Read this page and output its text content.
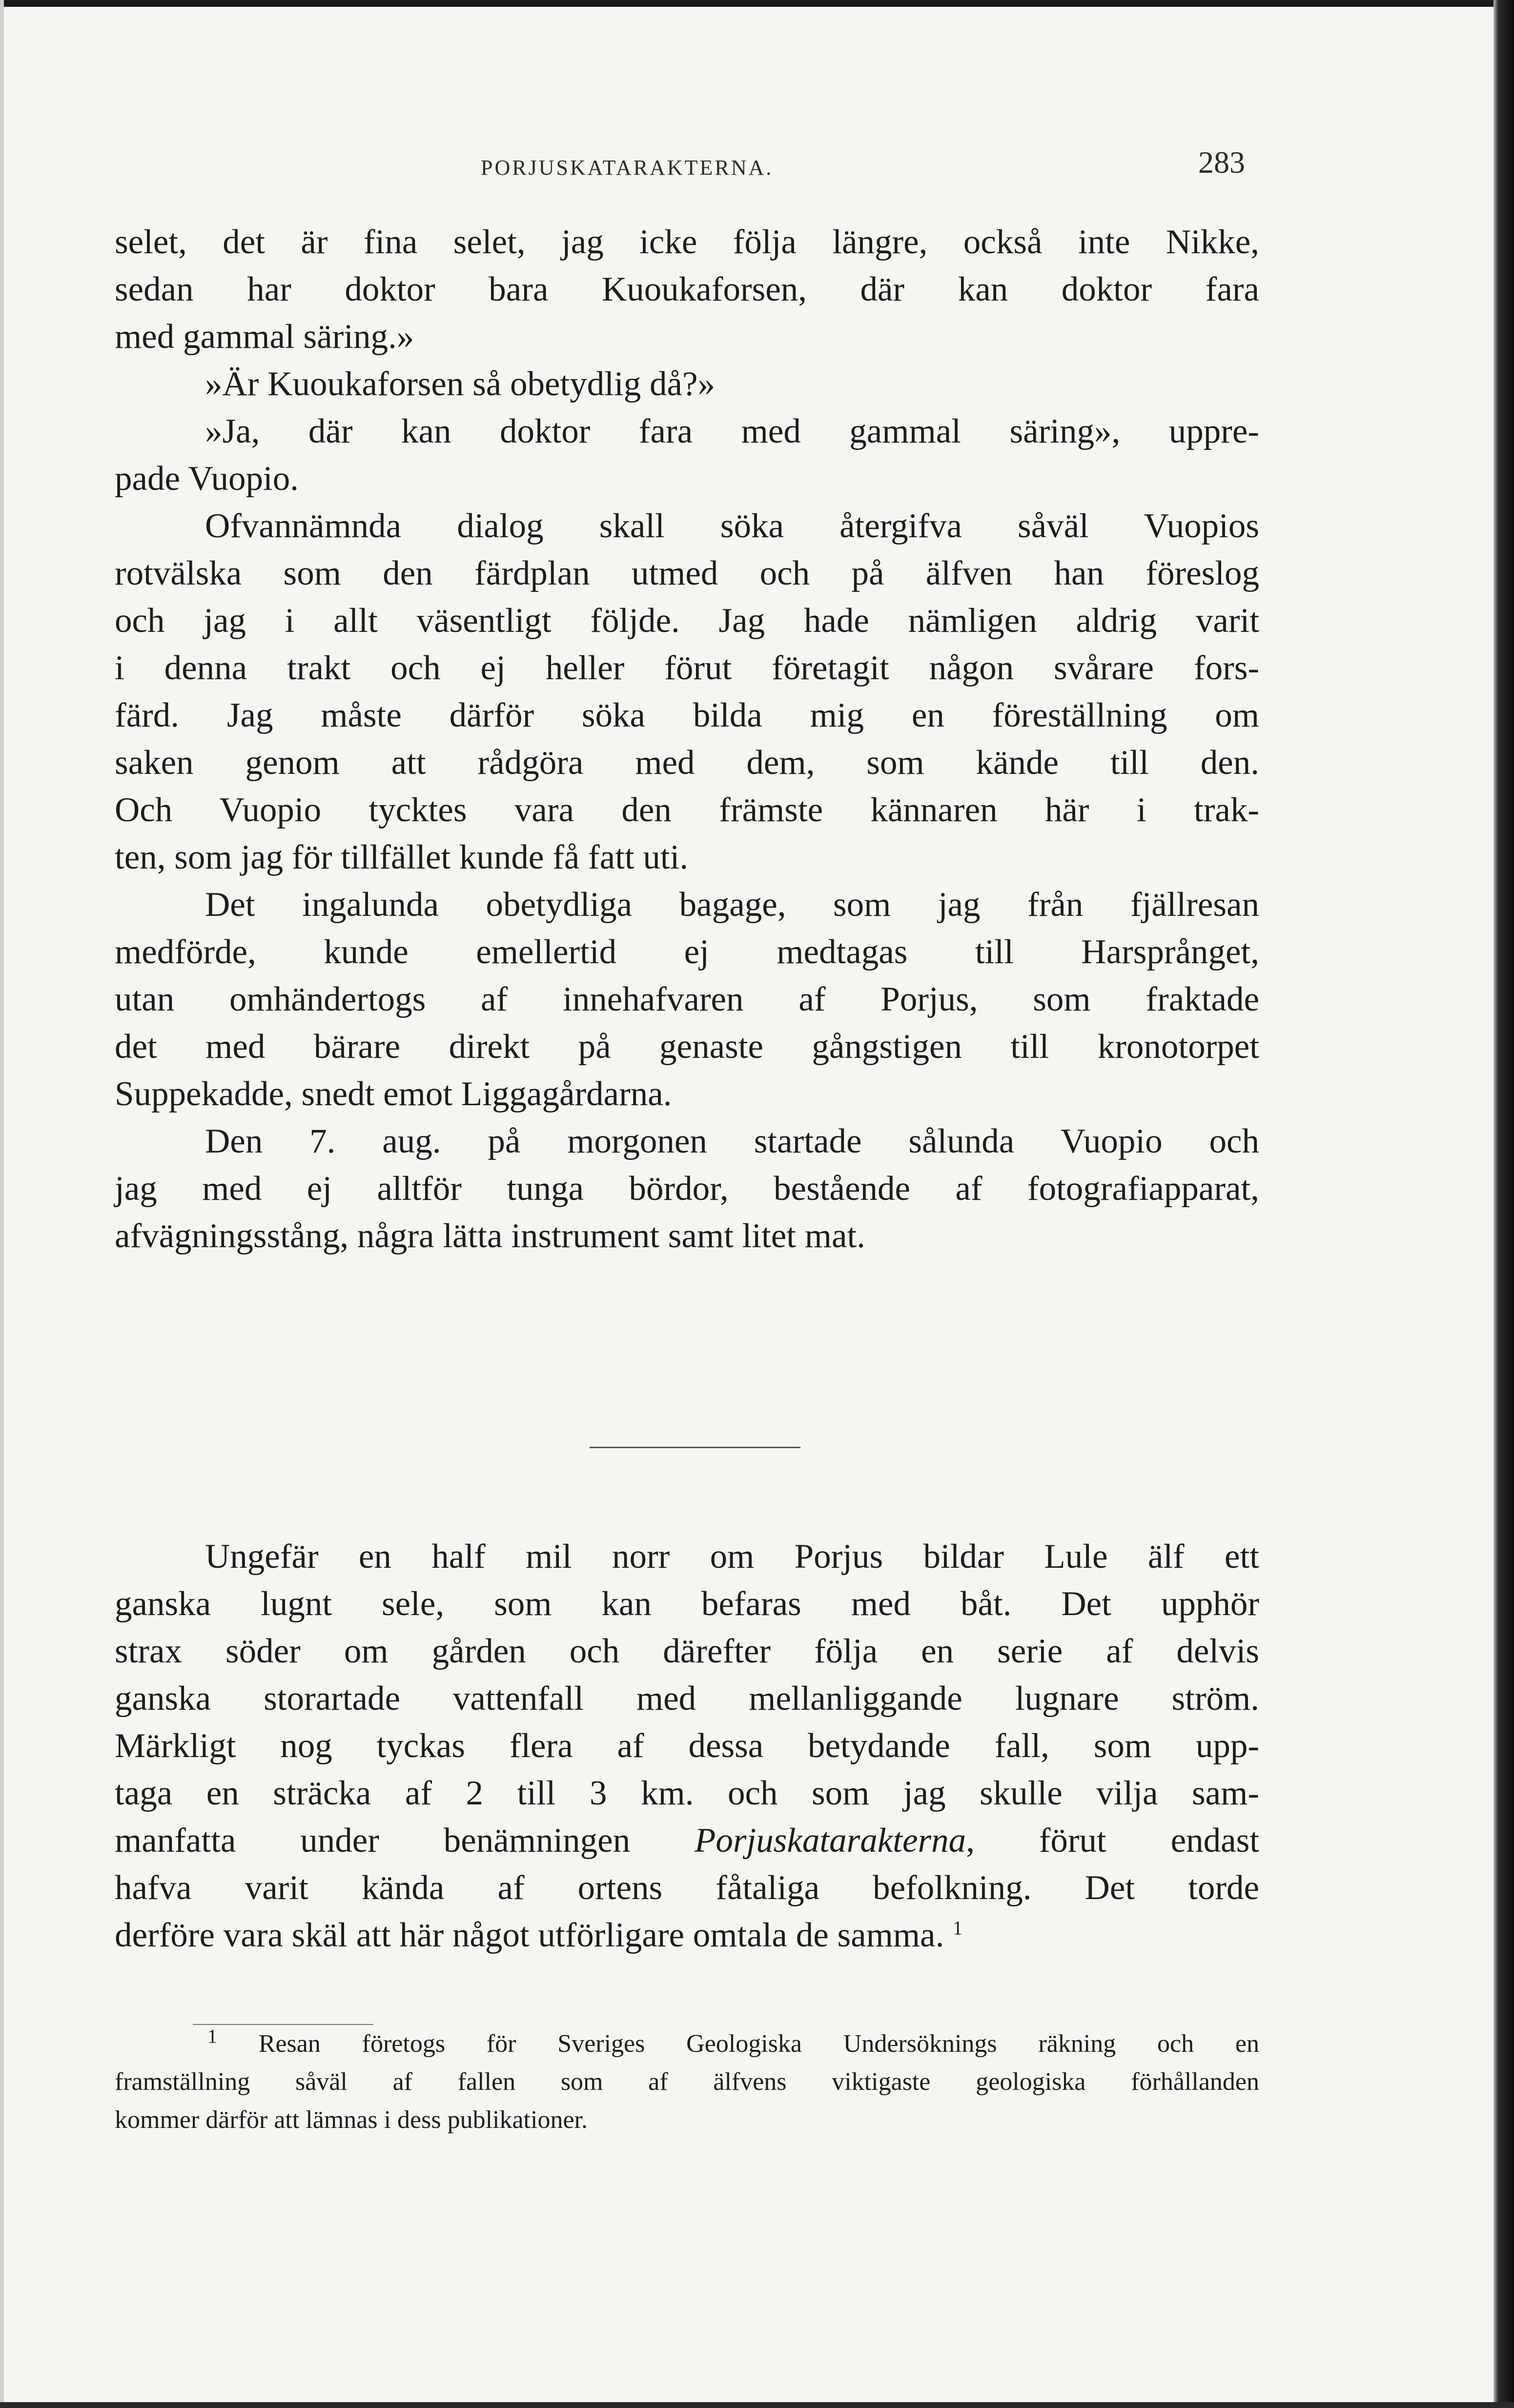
PORJUSKATARAKTERNA.	283
selet, det är fina selet, jag icke följa längre, också inte Nikke,
sedan har doktor bara Kuoukaforsen, där kan doktor fara
med gammal säring.»
»Är Kuoukaforsen så obetydlig då?»
»Ja, där kan doktor fara med gammal säring», uppre-
pade Vuopio.
Ofvannämnda dialog skall söka återgifva såväl Vuopios
rotvälska som den färdplan utmed och på älfven han föreslog
och jag i allt väsentligt följde. Jag hade nämligen aldrig varit
i denna trakt och ej heller förut företagit någon svårare fors-
färd. Jag måste därför söka bilda mig en föreställning om
saken genom att rådgöra med dem, som kände till den.
Och Vuopio tycktes vara den främste kännaren här i trak-
ten, som jag för tillfället kunde få fatt uti.
Det ingalunda obetydliga bagage, som jag från fjällresan
medförde, kunde emellertid ej medtagas till Harsprånget,
utan omhändertogs af innehafvaren af Porjus, som fraktade
det med bärare direkt på genaste gångstigen till kronotorpet
Suppekadde, snedt emot Liggagårdarna.
Den 7. aug. på morgonen startade sålunda Vuopio och
jag med ej alltför tunga bördor, bestående af fotografiapparat,
afvägningsstång, några lätta instrument samt litet mat.
Ungefär en half mil norr om Porjus bildar Lule älf ett
ganska lugnt sele, som kan befaras med båt. Det upphör
strax söder om gården och därefter följa en serie af delvis
ganska storartade vattenfall med mellanliggande lugnare ström.
Märkligt nog tyckas flera af dessa betydande fall, som upp-
taga en sträcka af 2 till 3 km. och som jag skulle vilja sam-
manfatta under benämningen Porjuskatarakterna, förut endast
hafva varit kända af ortens fåtaliga befolkning. Det torde
derföre vara skäl att här något utförligare omtala de samma. $^1$
$^1$ Resan företogs för Sveriges Geologiska Undersöknings räkning och en
framställning såväl af fallen som af älfvens viktigaste geologiska förhållanden
kommer därför att lämnas i dess publikationer.
